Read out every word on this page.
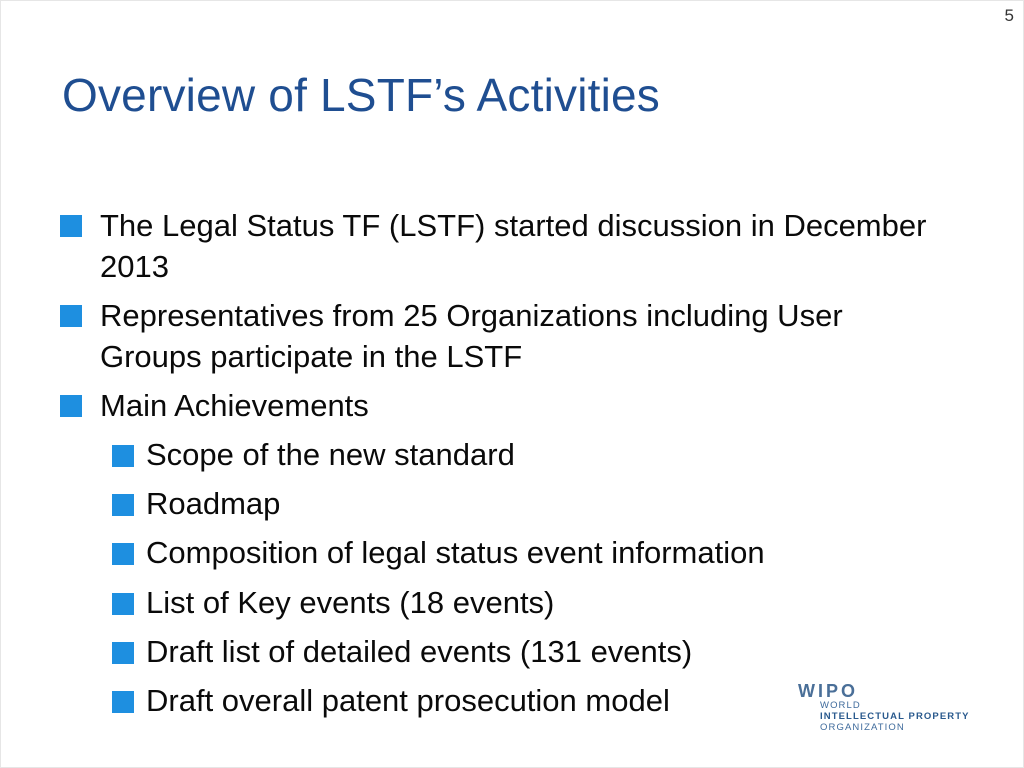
5
Overview of LSTF’s Activities
The Legal Status TF (LSTF) started discussion in December 2013
Representatives from 25 Organizations including User Groups participate in the LSTF
Main Achievements
Scope of the new standard
Roadmap
Composition of legal status event information
List of Key events (18 events)
Draft list of detailed events (131 events)
Draft overall patent prosecution model	WIPO
WORLD
INTELLECTUAL PROPERTY
ORGANIZATION
